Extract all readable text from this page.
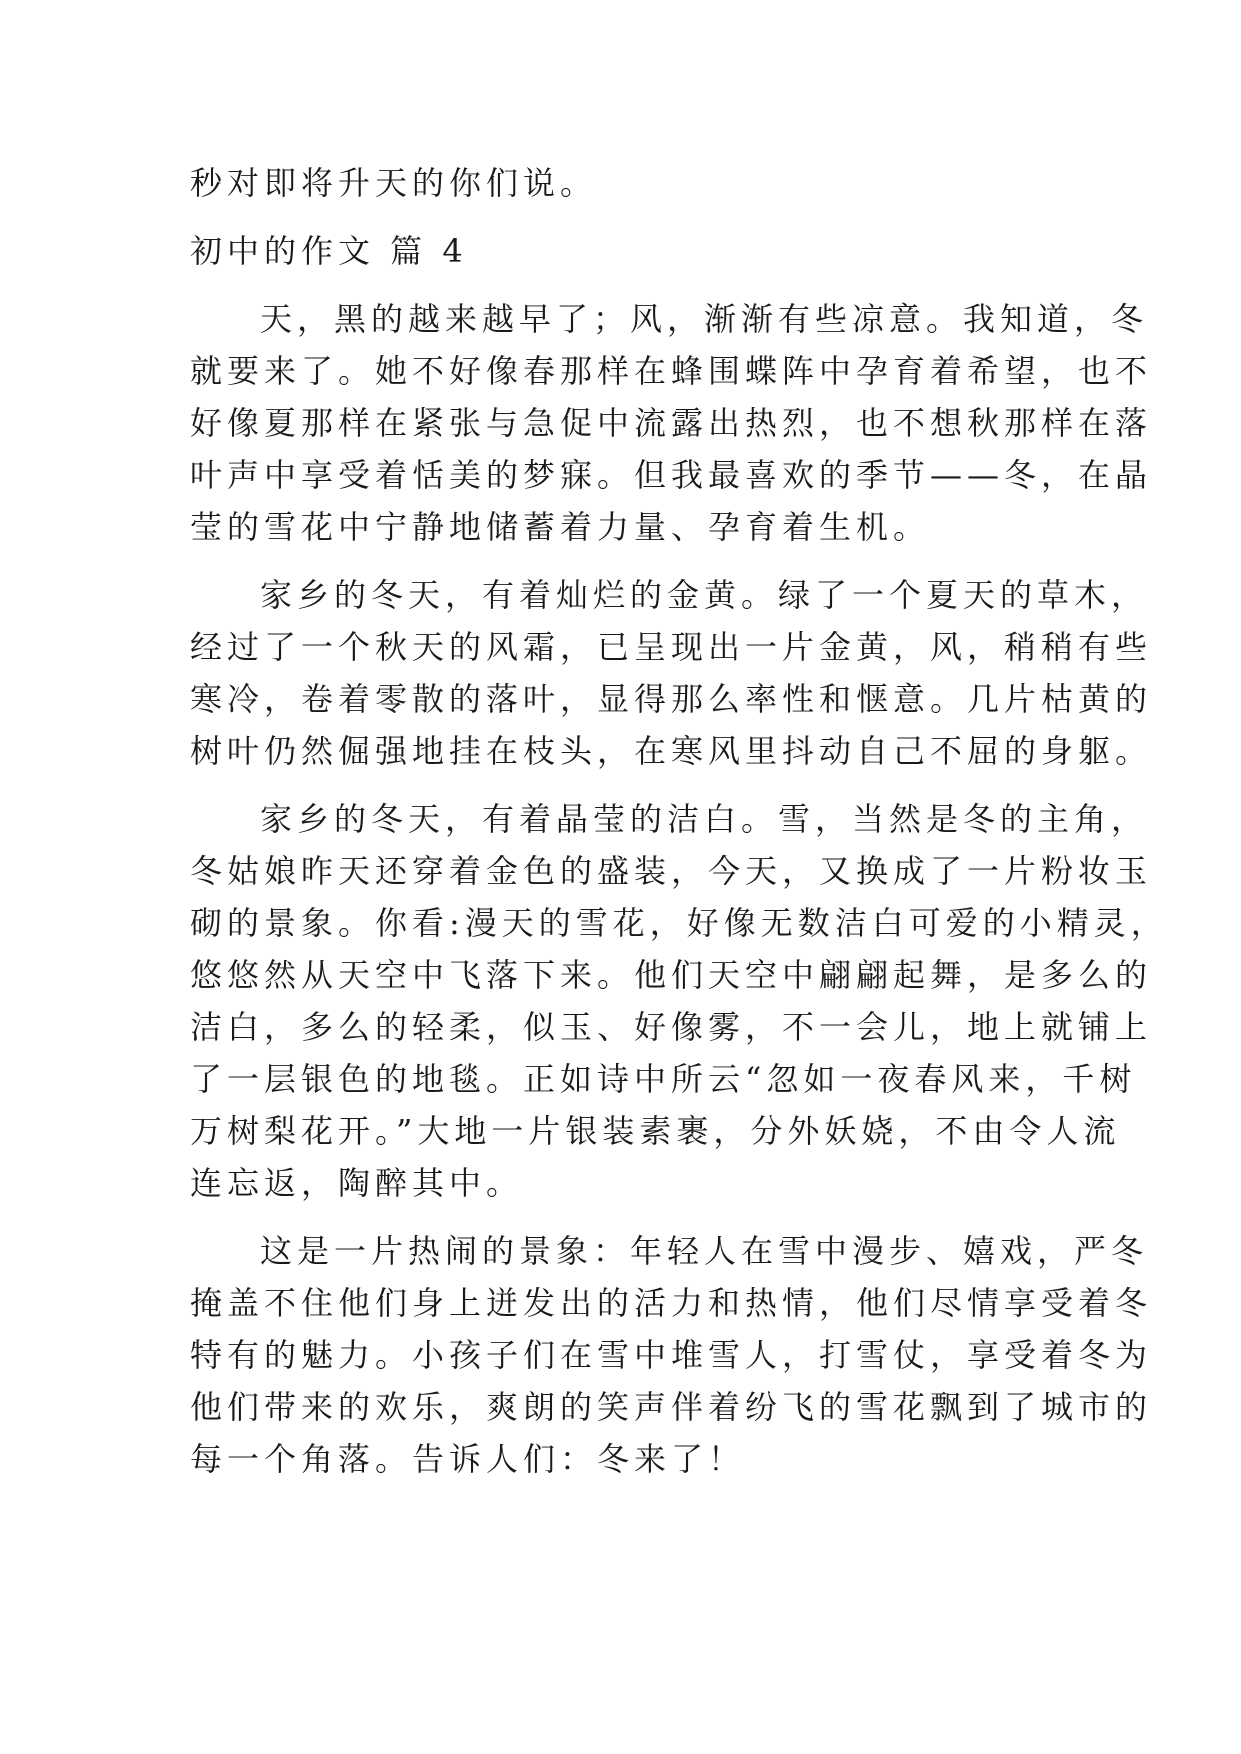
秒对即将升天的你们说。
初中的作文 篇 4
天，黑的越来越早了；风，渐渐有些凉意。我知道，冬
就要来了。她不好像春那样在蜂围蝶阵中孕育着希望，也不
好像夏那样在紧张与急促中流露出热烈，也不想秋那样在落
叶声中享受着恬美的梦寐。但我最喜欢的季节——冬，在晶
莹的雪花中宁静地储蓄着力量、孕育着生机。
家乡的冬天，有着灿烂的金黄。绿了一个夏天的草木，
经过了一个秋天的风霜，已呈现出一片金黄，风，稍稍有些
寒冷，卷着零散的落叶，显得那么率性和惬意。几片枯黄的
树叶仍然倔强地挂在枝头，在寒风里抖动自己不屈的身躯。
家乡的冬天，有着晶莹的洁白。雪，当然是冬的主角，
冬姑娘昨天还穿着金色的盛装，今天，又换成了一片粉妆玉
砌的景象。你看:漫天的雪花，好像无数洁白可爱的小精灵，
悠悠然从天空中飞落下来。他们天空中翩翩起舞，是多么的
洁白，多么的轻柔，似玉、好像雾，不一会儿，地上就铺上
了一层银色的地毯。正如诗中所云“忽如一夜春风来，千树
万树梨花开。”大地一片银装素裹，分外妖娆，不由令人流
连忘返，陶醉其中。
这是一片热闹的景象：年轻人在雪中漫步、嬉戏，严冬
掩盖不住他们身上迸发出的活力和热情，他们尽情享受着冬
特有的魅力。小孩子们在雪中堆雪人，打雪仗，享受着冬为
他们带来的欢乐，爽朗的笑声伴着纷飞的雪花飘到了城市的
每一个角落。告诉人们：冬来了！
